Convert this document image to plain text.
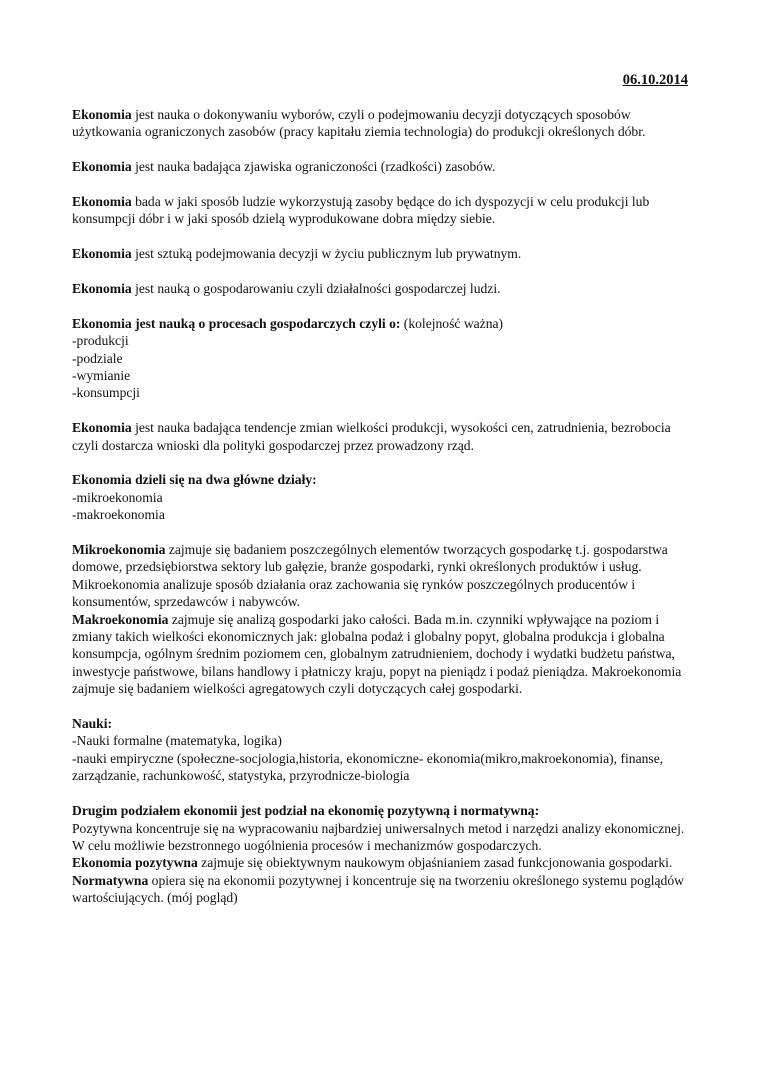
06.10.2014

Ekonomia jest nauka o dokonywaniu wyborów, czyli o podejmowaniu decyzji dotyczących sposobów użytkowania ograniczonych zasobów (pracy kapitału ziemia technologia) do produkcji określonych dóbr.

Ekonomia jest nauka badająca zjawiska ograniczoności (rzadkości) zasobów.

Ekonomia bada w jaki sposób ludzie wykorzystują zasoby będące do ich dyspozycji w celu produkcji lub konsumpcji dóbr i w jaki sposób dzielą wyprodukowane dobra między siebie.

Ekonomia jest sztuką podejmowania decyzji w życiu publicznym lub prywatnym.

Ekonomia jest nauką o gospodarowaniu czyli działalności gospodarczej ludzi.

Ekonomia jest nauką o procesach gospodarczych czyli o: (kolejność ważna)
-produkcji
-podziale
-wymianie
-konsumpcji

Ekonomia jest nauka badająca tendencje zmian wielkości produkcji, wysokości cen, zatrudnienia, bezrobocia czyli dostarcza wnioski dla polityki gospodarczej przez prowadzony rząd.

Ekonomia dzieli się na dwa główne działy:
-mikroekonomia
-makroekonomia

Mikroekonomia zajmuje się badaniem poszczególnych elementów tworzących gospodarkę t.j. gospodarstwa domowe, przedsiębiorstwa sektory lub gałęzie, branże gospodarki, rynki określonych produktów i usług. Mikroekonomia analizuje sposób działania oraz zachowania się rynków poszczególnych producentów i konsumentów, sprzedawców i nabywców.

Makroekonomia zajmuje się analizą gospodarki jako całości. Bada m.in. czynniki wpływające na poziom i zmiany takich wielkości ekonomicznych jak: globalna podaż i globalny popyt, globalna produkcja i globalna konsumpcja, ogólnym średnim poziomem cen, globalnym zatrudnieniem, dochody i wydatki budżetu państwa, inwestycje państwowe, bilans handlowy i płatniczy kraju, popyt na pieniądz i podaż pieniądza. Makroekonomia zajmuje się badaniem wielkości agregatowych czyli dotyczących całej gospodarki.

Nauki:
-Nauki formalne (matematyka, logika)
-nauki empiryczne (społeczne-socjologia,historia, ekonomiczne- ekonomia(mikro,makroekonomia), finanse, zarządzanie, rachunkowość, statystyka, przyrodnicze-biologia
Drugim podziałem ekonomii jest podział na ekonomię pozytywną i normatywną:
Pozytywna koncentruje się na wypracowaniu najbardziej uniwersalnych metod i narzędzi analizy ekonomicznej. W celu możliwie bezstronnego uogólnienia procesów i mechanizmów gospodarczych.
Ekonomia pozytywna zajmuje się obiektywnym naukowym objaśnianiem zasad funkcjonowania gospodarki.
Normatywna opiera się na ekonomii pozytywnej i koncentruje się na tworzeniu określonego systemu poglądów wartościujących. (mój pogląd)
